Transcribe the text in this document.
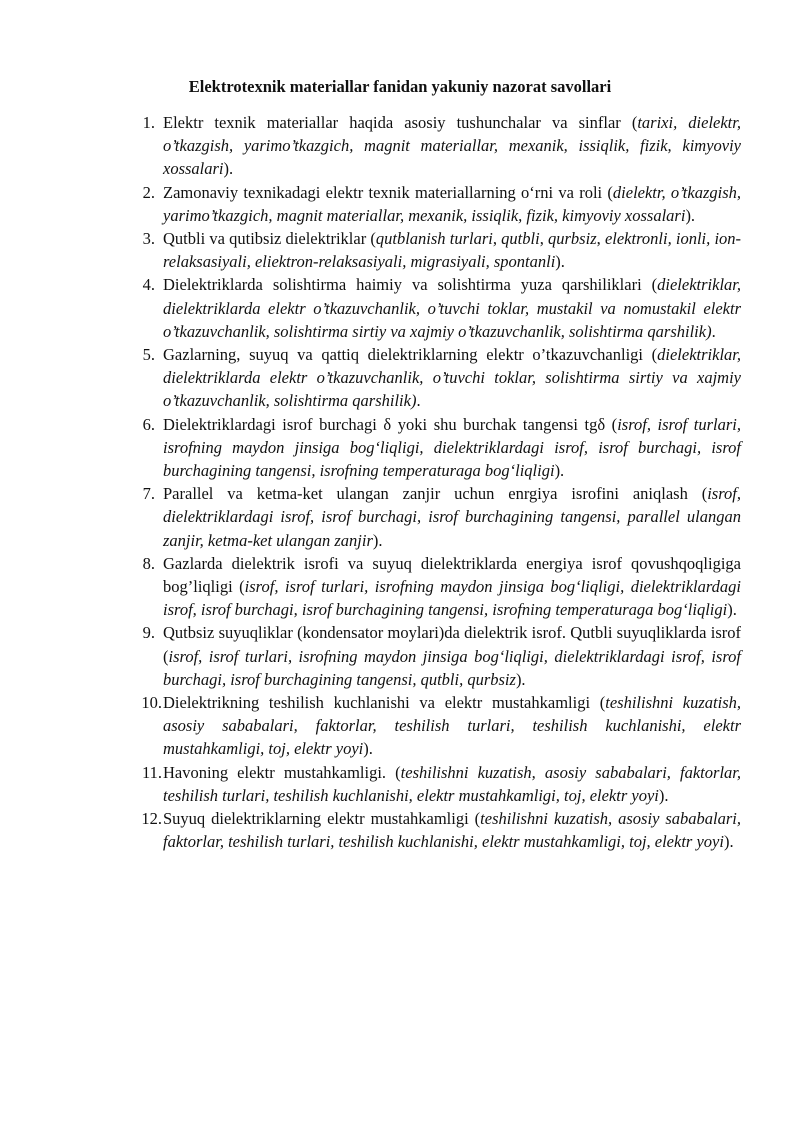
Elektrotexnik materiallar fanidan yakuniy nazorat savollari
1. Elektr texnik materiallar haqida asosiy tushunchalar va sinflar (tarixi, dielektr, o’tkazgish, yarimo’tkazgich, magnit materiallar, mexanik, issiqlik, fizik, kimyoviy xossalari).
2. Zamonaviy texnikadagi elektr texnik materiallarning oʻrni va roli (dielektr, o’tkazgish, yarimo’tkazgich, magnit materiallar, mexanik, issiqlik, fizik, kimyoviy xossalari).
3. Qutbli va qutibsiz dielektriklar (qutblanish turlari, qutbli, qurbsiz, elektronli, ionli, ion-relaksasiyali, eliektron-relaksasiyali, migrasiyali, spontanli).
4. Dielektriklarda solishtirma haimiy va solishtirma yuza qarshiliklari (dielektriklar, dielektriklarda elektr o’tkazuvchanlik, o’tuvchi toklar, mustakil va nomustakil elektr o’tkazuvchanlik, solishtirma sirtiy va xajmiy o’tkazuvchanlik, solishtirma qarshilik).
5. Gazlarning, suyuq va qattiq dielektriklarning elektr o’tkazuvchanligi (dielektriklar, dielektriklarda elektr o’tkazuvchanlik, o’tuvchi toklar, solishtirma sirtiy va xajmiy o’tkazuvchanlik, solishtirma qarshilik).
6. Dielektriklardagi isrof burchagi δ yoki shu burchak tangensi tgδ (isrof, isrof turlari, isrofning maydon jinsiga bogʻliqligi, dielektriklardagi isrof, isrof burchagi, isrof burchagining tangensi, isrofning temperaturaga bogʻliqligi).
7. Parallel va ketma-ket ulangan zanjir uchun enrgiya isrofini aniqlash (isrof, dielektriklardagi isrof, isrof burchagi, isrof burchagining tangensi, parallel ulangan zanjir, ketma-ket ulangan zanjir).
8. Gazlarda dielektrik isrofi va suyuq dielektriklarda energiya isrof qovushqoqligiga bog’liqligi (isrof, isrof turlari, isrofning maydon jinsiga bogʻliqligi, dielektriklardagi isrof, isrof burchagi, isrof burchagining tangensi, isrofning temperaturaga bogʻliqligi).
9. Qutbsiz suyuqliklar (kondensator moylari)da dielektrik isrof. Qutbli suyuqliklarda isrof (isrof, isrof turlari, isrofning maydon jinsiga bogʻliqligi, dielektriklardagi isrof, isrof burchagi, isrof burchagining tangensi, qutbli, qurbsiz).
10. Dielektrikning teshilish kuchlanishi va elektr mustahkamligi (teshilishni kuzatish, asosiy sababalari, faktorlar, teshilish turlari, teshilish kuchlanishi, elektr mustahkamligi, toj, elektr yoyi).
11. Havoning elektr mustahkamligi. (teshilishni kuzatish, asosiy sababalari, faktorlar, teshilish turlari, teshilish kuchlanishi, elektr mustahkamligi, toj, elektr yoyi).
12. Suyuq dielektriklarning elektr mustahkamligi (teshilishni kuzatish, asosiy sababalari, faktorlar, teshilish turlari, teshilish kuchlanishi, elektr mustahkamligi, toj, elektr yoyi).
